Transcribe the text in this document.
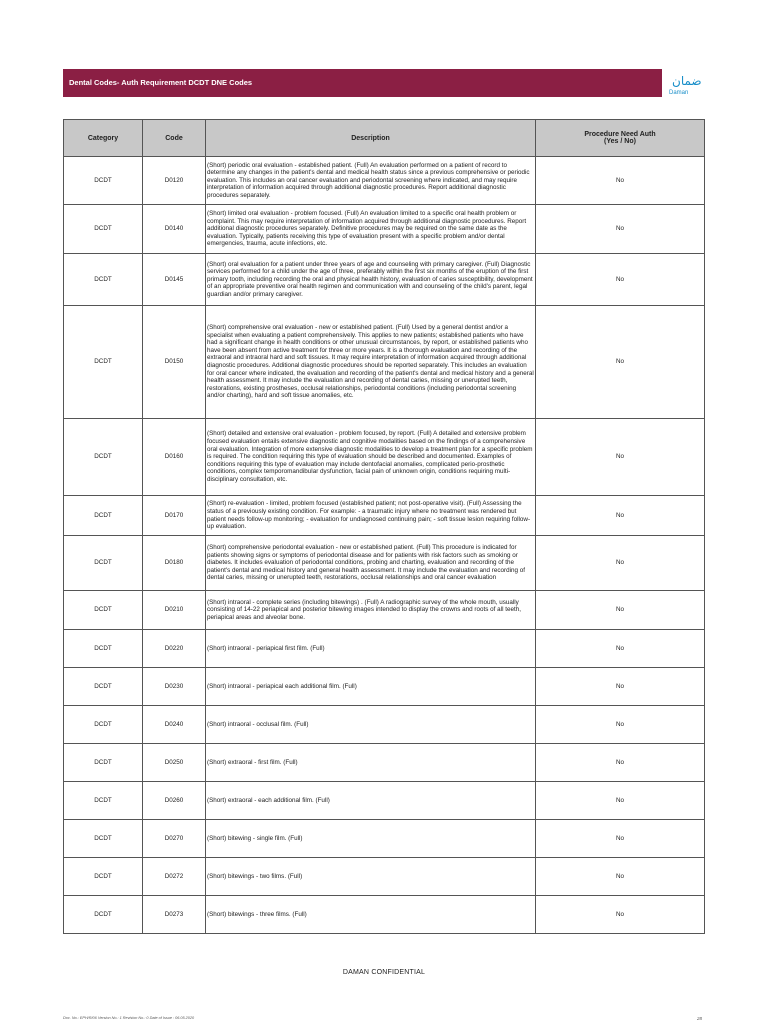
Dental Codes- Auth Requirement DCDT DNE Codes	ضمان
Daman
Category	Code	Description	Procedure Need Auth
(Yes / No)
DCDT	D0120	(Short) periodic oral evaluation - established patient. (Full) An evaluation performed on a patient of record to determine any changes in the patient's dental and medical health status since a previous comprehensive or periodic evaluation. This includes an oral cancer evaluation and periodontal screening where indicated, and may require interpretation of information acquired through additional diagnostic procedures. Report additional diagnostic procedures separately.	No
DCDT	D0140	(Short) limited oral evaluation - problem focused. (Full) An evaluation limited to a specific oral health problem or complaint. This may require interpretation of information acquired through additional diagnostic procedures. Report additional diagnostic procedures separately. Definitive procedures may be required on the same date as the evaluation. Typically, patients receiving this type of evaluation present with a specific problem and/or dental emergencies, trauma, acute infections, etc.	No
DCDT	D0145	(Short) oral evaluation for a patient under three years of age and counseling with primary caregiver. (Full) Diagnostic services performed for a child under the age of three, preferably within the first six months of the eruption of the first primary tooth, including recording the oral and physical health history, evaluation of caries susceptibility, development of an appropriate preventive oral health regimen and communication with and counseling of the child's parent, legal guardian and/or primary caregiver.	No
DCDT	D0150	(Short) comprehensive oral evaluation - new or established patient. (Full) Used by a general dentist and/or a specialist when evaluating a patient comprehensively. This applies to new patients; established patients who have had a significant change in health conditions or other unusual circumstances, by report, or established patients who have been absent from active treatment for three or more years. It is a thorough evaluation and recording of the extraoral and intraoral hard and soft tissues. It may require interpretation of information acquired through additional diagnostic procedures. Additional diagnostic procedures should be reported separately. This includes an evaluation for oral cancer where indicated, the evaluation and recording of the patient's dental and medical history and a general health assessment. It may include the evaluation and recording of dental caries, missing or unerupted teeth, restorations, existing prostheses, occlusal relationships, periodontal conditions (including periodontal screening and/or charting), hard and soft tissue anomalies, etc.	No
DCDT	D0160	(Short) detailed and extensive oral evaluation - problem focused, by report. (Full) A detailed and extensive problem focused evaluation entails extensive diagnostic and cognitive modalities based on the findings of a comprehensive oral evaluation. Integration of more extensive diagnostic modalities to develop a treatment plan for a specific problem is required. The condition requiring this type of evaluation should be described and documented. Examples of conditions requiring this type of evaluation may include dentofacial anomalies, complicated perio-prosthetic conditions, complex temporomandibular dysfunction, facial pain of unknown origin, conditions requiring multi-disciplinary consultation, etc.	No
DCDT	D0170	(Short) re-evaluation - limited, problem focused (established patient; not post-operative visit). (Full) Assessing the status of a previously existing condition. For example: - a traumatic injury where no treatment was rendered but patient needs follow-up monitoring; - evaluation for undiagnosed continuing pain; - soft tissue lesion requiring follow-up evaluation.	No
DCDT	D0180	(Short) comprehensive periodontal evaluation - new or established patient. (Full) This procedure is indicated for patients showing signs or symptoms of periodontal disease and for patients with risk factors such as smoking or diabetes. It includes evaluation of periodontal conditions, probing and charting, evaluation and recording of the patient's dental and medical history and general health assessment. It may include the evaluation and recording of dental caries, missing or unerupted teeth, restorations, occlusal relationships and oral cancer evaluation	No
DCDT	D0210	(Short) intraoral - complete series (including bitewings) . (Full) A radiographic survey of the whole mouth, usually consisting of 14-22 periapical and posterior bitewing images intended to display the crowns and roots of all teeth, periapical areas and alveolar bone.	No
DCDT	D0220	(Short) intraoral - periapical first film. (Full)	No
DCDT	D0230	(Short) intraoral - periapical each additional film. (Full)	No
DCDT	D0240	(Short) intraoral - occlusal film. (Full)	No
DCDT	D0250	(Short) extraoral - first film. (Full)	No
DCDT	D0260	(Short) extraoral - each additional film. (Full)	No
DCDT	D0270	(Short) bitewing - single film. (Full)	No
DCDT	D0272	(Short) bitewings - two films. (Full)	No
DCDT	D0273	(Short) bitewings - three films. (Full)	No
DAMAN CONFIDENTIAL
Doc. No.: EPH/R/06 Version No.: 1 Revision No.: 0 Date of Issue : 06.05.2020	28
